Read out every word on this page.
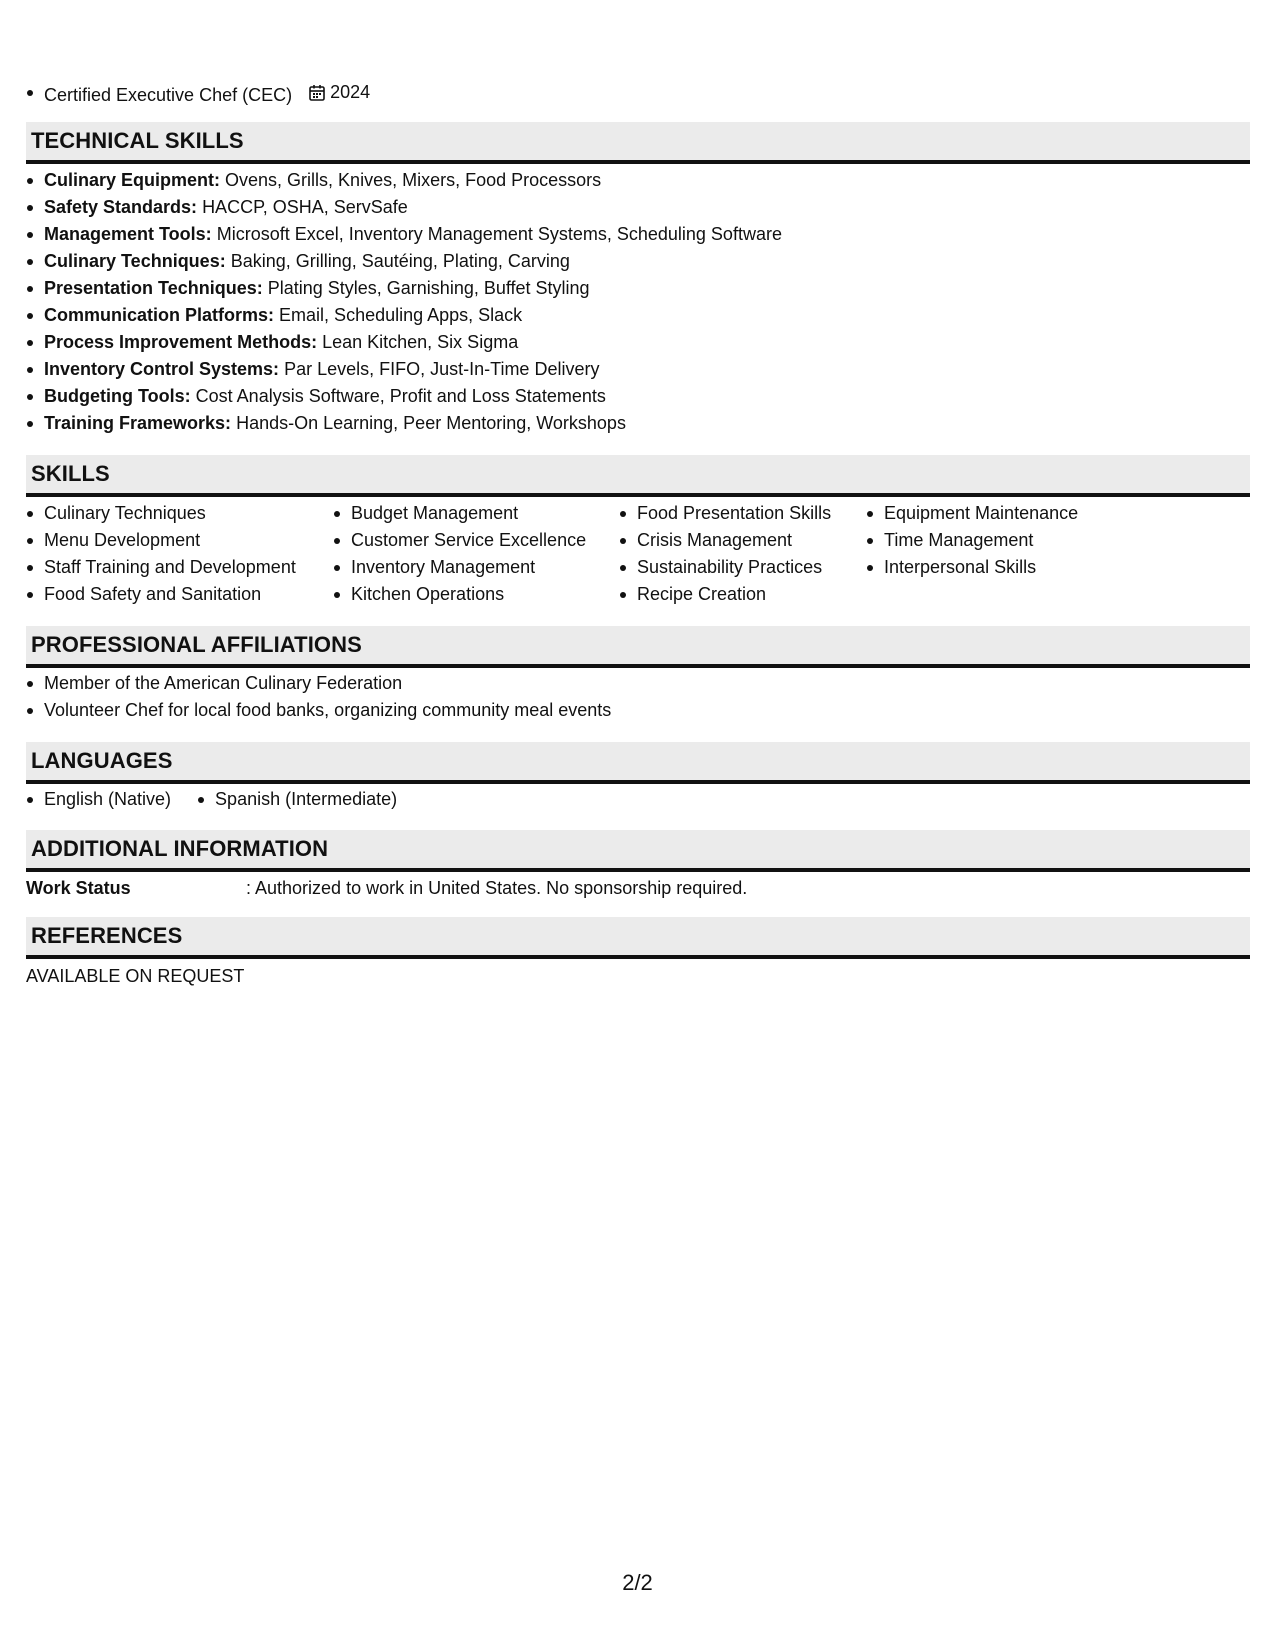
Certified Executive Chef (CEC) 2024
TECHNICAL SKILLS
Culinary Equipment: Ovens, Grills, Knives, Mixers, Food Processors
Safety Standards: HACCP, OSHA, ServSafe
Management Tools: Microsoft Excel, Inventory Management Systems, Scheduling Software
Culinary Techniques: Baking, Grilling, Sautéing, Plating, Carving
Presentation Techniques: Plating Styles, Garnishing, Buffet Styling
Communication Platforms: Email, Scheduling Apps, Slack
Process Improvement Methods: Lean Kitchen, Six Sigma
Inventory Control Systems: Par Levels, FIFO, Just-In-Time Delivery
Budgeting Tools: Cost Analysis Software, Profit and Loss Statements
Training Frameworks: Hands-On Learning, Peer Mentoring, Workshops
SKILLS
Culinary Techniques
Menu Development
Staff Training and Development
Food Safety and Sanitation
Budget Management
Customer Service Excellence
Inventory Management
Kitchen Operations
Food Presentation Skills
Crisis Management
Sustainability Practices
Recipe Creation
Equipment Maintenance
Time Management
Interpersonal Skills
PROFESSIONAL AFFILIATIONS
Member of the American Culinary Federation
Volunteer Chef for local food banks, organizing community meal events
LANGUAGES
English (Native)	Spanish (Intermediate)
ADDITIONAL INFORMATION
Work Status	: Authorized to work in United States. No sponsorship required.
REFERENCES
AVAILABLE ON REQUEST
2/2
